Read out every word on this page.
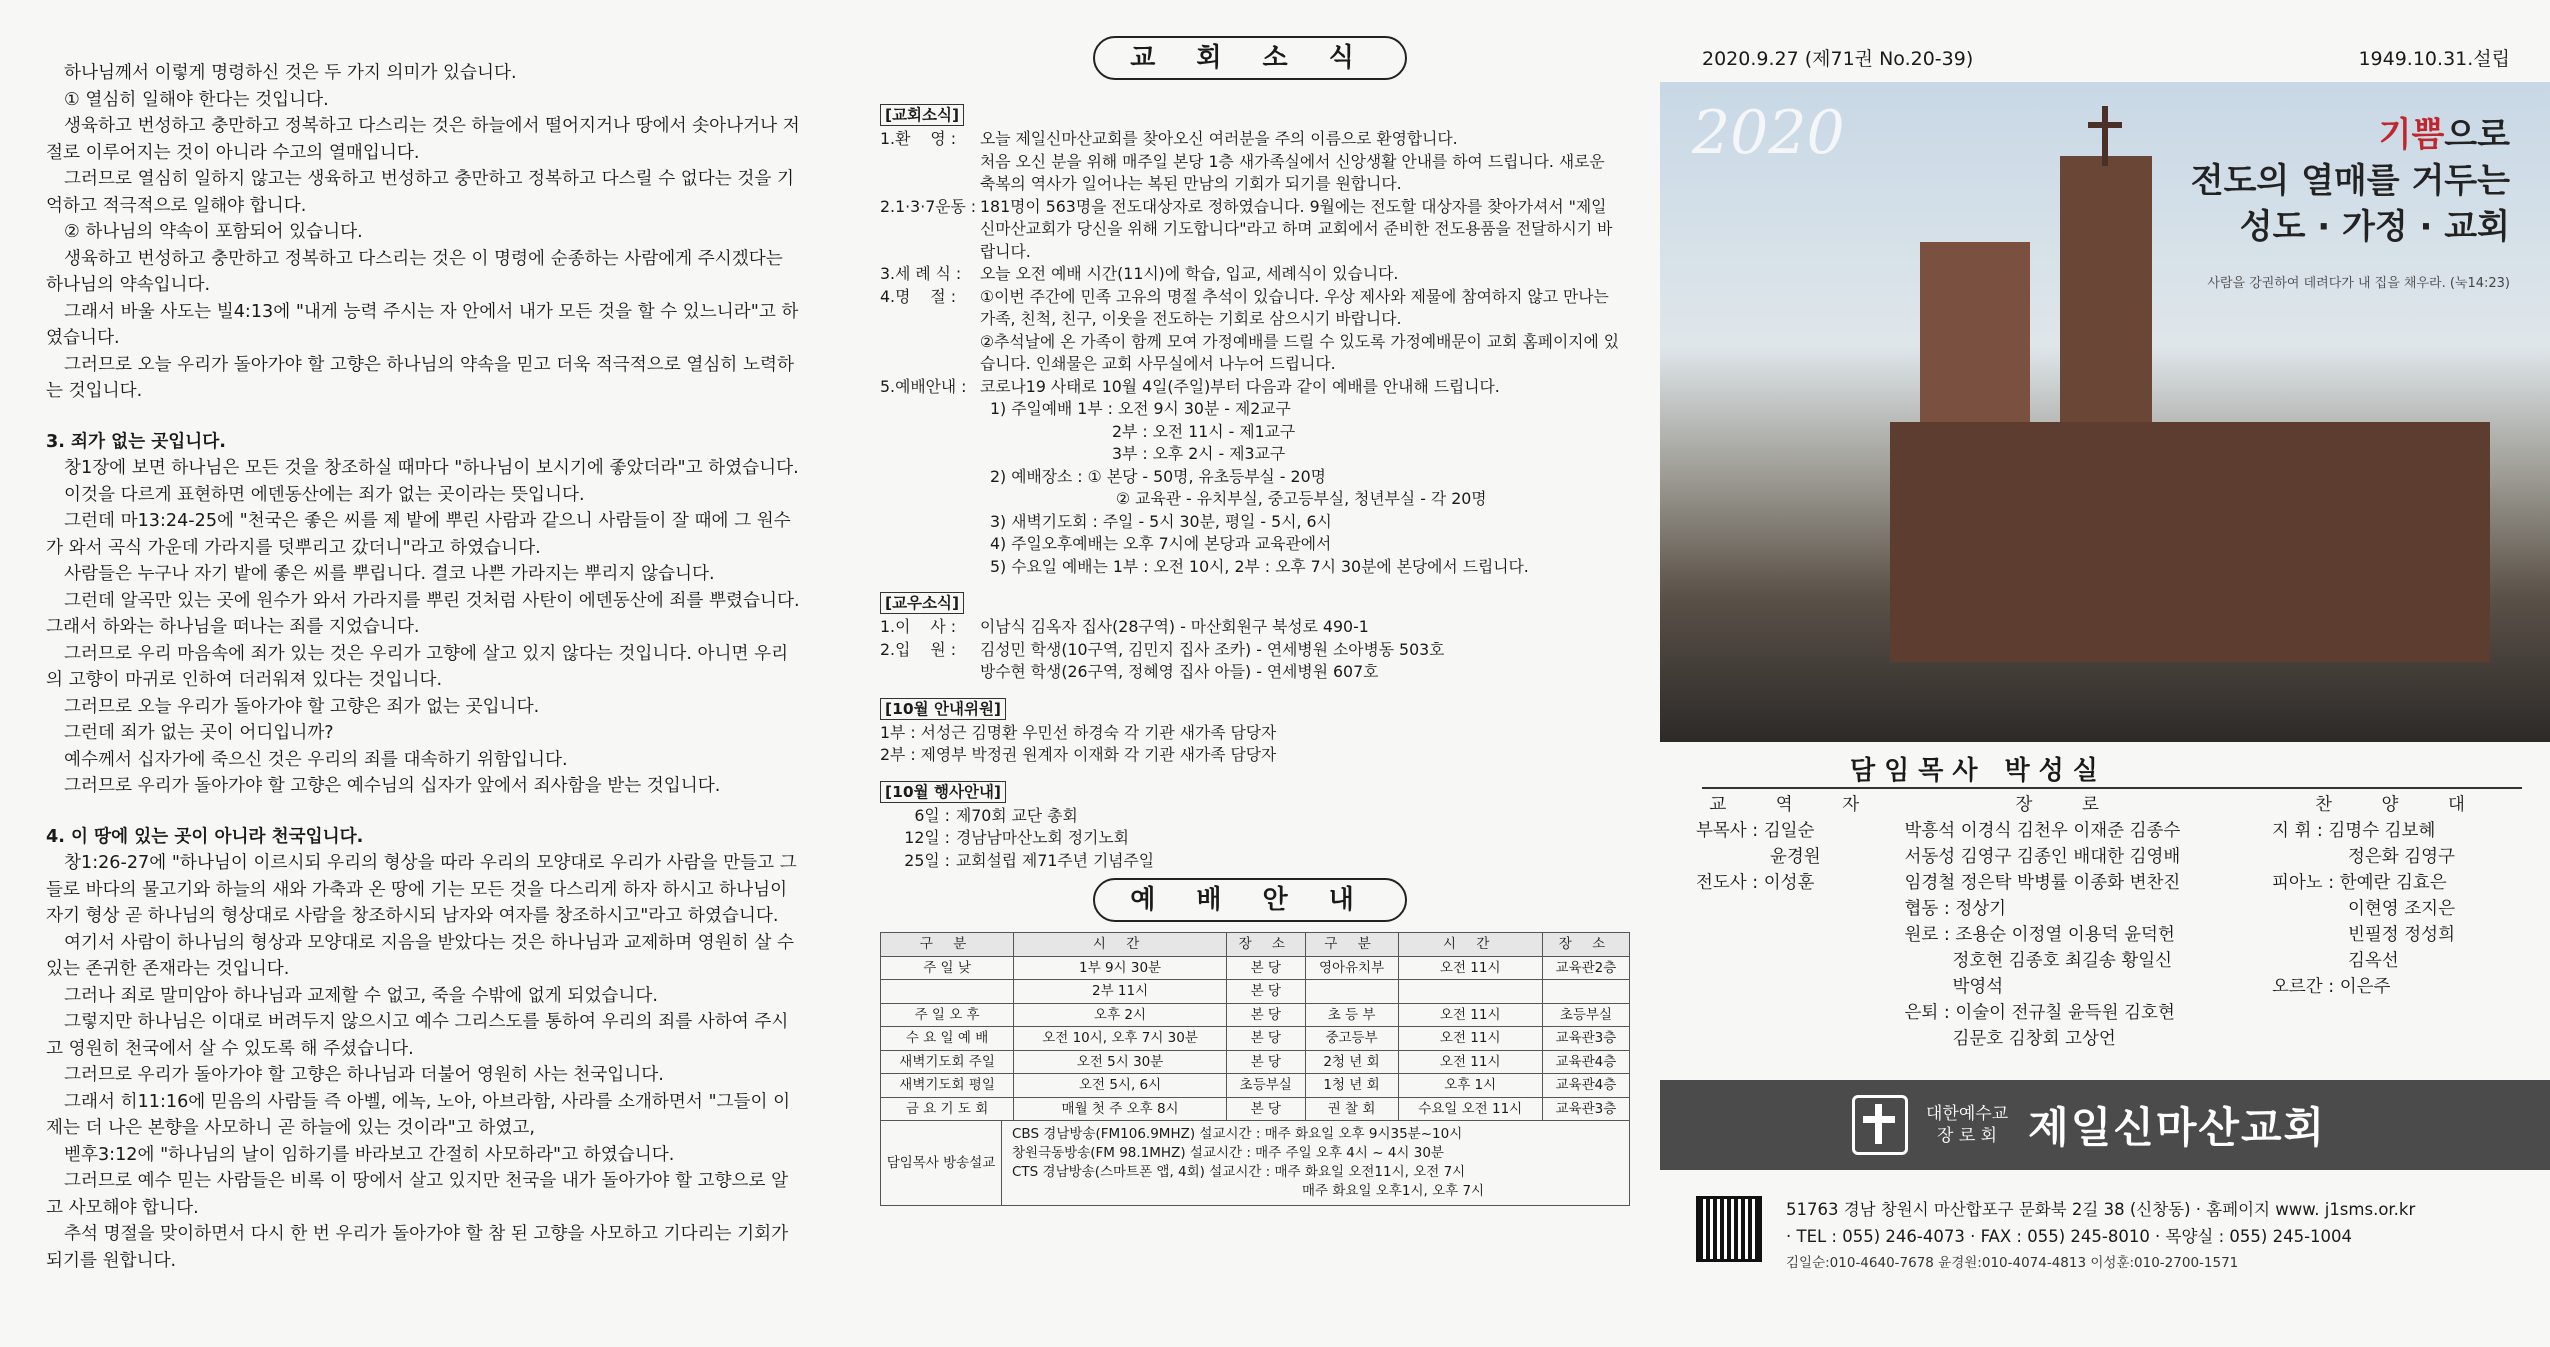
하나님께서 이렇게 명령하신 것은 두 가지 의미가 있습니다.

① 열심히 일해야 한다는 것입니다.

생육하고 번성하고 충만하고 정복하고 다스리는 것은 하늘에서 떨어지거나 땅에서 솟아나거나 저절로 이루어지는 것이 아니라 수고의 열매입니다.

그러므로 열심히 일하지 않고는 생육하고 번성하고 충만하고 정복하고 다스릴 수 없다는 것을 기억하고 적극적으로 일해야 합니다.

② 하나님의 약속이 포함되어 있습니다.

생육하고 번성하고 충만하고 정복하고 다스리는 것은 이 명령에 순종하는 사람에게 주시겠다는 하나님의 약속입니다.

그래서 바울 사도는 빌4:13에 "내게 능력 주시는 자 안에서 내가 모든 것을 할 수 있느니라"고 하였습니다.

그러므로 오늘 우리가 돌아가야 할 고향은 하나님의 약속을 믿고 더욱 적극적으로 열심히 노력하는 것입니다.

3. 죄가 없는 곳입니다.

창1장에 보면 하나님은 모든 것을 창조하실 때마다 "하나님이 보시기에 좋았더라"고 하였습니다.

이것을 다르게 표현하면 에덴동산에는 죄가 없는 곳이라는 뜻입니다.

그런데 마13:24-25에 "천국은 좋은 씨를 제 밭에 뿌린 사람과 같으니 사람들이 잘 때에 그 원수가 와서 곡식 가운데 가라지를 덧뿌리고 갔더니"라고 하였습니다.

사람들은 누구나 자기 밭에 좋은 씨를 뿌립니다. 결코 나쁜 가라지는 뿌리지 않습니다.

그런데 알곡만 있는 곳에 원수가 와서 가라지를 뿌린 것처럼 사탄이 에덴동산에 죄를 뿌렸습니다. 그래서 하와는 하나님을 떠나는 죄를 지었습니다.

그러므로 우리 마음속에 죄가 있는 것은 우리가 고향에 살고 있지 않다는 것입니다. 아니면 우리의 고향이 마귀로 인하여 더러워져 있다는 것입니다.

그러므로 오늘 우리가 돌아가야 할 고향은 죄가 없는 곳입니다.

그런데 죄가 없는 곳이 어디입니까?

예수께서 십자가에 죽으신 것은 우리의 죄를 대속하기 위함입니다.

그러므로 우리가 돌아가야 할 고향은 예수님의 십자가 앞에서 죄사함을 받는 것입니다.

4. 이 땅에 있는 곳이 아니라 천국입니다.

창1:26-27에 "하나님이 이르시되 우리의 형상을 따라 우리의 모양대로 우리가 사람을 만들고 그들로 바다의 물고기와 하늘의 새와 가축과 온 땅에 기는 모든 것을 다스리게 하자 하시고 하나님이 자기 형상 곧 하나님의 형상대로 사람을 창조하시되 남자와 여자를 창조하시고"라고 하였습니다.

여기서 사람이 하나님의 형상과 모양대로 지음을 받았다는 것은 하나님과 교제하며 영원히 살 수 있는 존귀한 존재라는 것입니다.

그러나 죄로 말미암아 하나님과 교제할 수 없고, 죽을 수밖에 없게 되었습니다.

그렇지만 하나님은 이대로 버려두지 않으시고 예수 그리스도를 통하여 우리의 죄를 사하여 주시고 영원히 천국에서 살 수 있도록 해 주셨습니다.

그러므로 우리가 돌아가야 할 고향은 하나님과 더불어 영원히 사는 천국입니다.

그래서 히11:16에 믿음의 사람들 즉 아벨, 에녹, 노아, 아브라함, 사라를 소개하면서 "그들이 이제는 더 나은 본향을 사모하니 곧 하늘에 있는 것이라"고 하였고,

벧후3:12에 "하나님의 날이 임하기를 바라보고 간절히 사모하라"고 하였습니다.

그러므로 예수 믿는 사람들은 비록 이 땅에서 살고 있지만 천국을 내가 돌아가야 할 고향으로 알고 사모해야 합니다.

추석 명절을 맞이하면서 다시 한 번 우리가 돌아가야 할 참 된 고향을 사모하고 기다리는 기회가 되기를 원합니다.

교 회 소 식
[교회소식]
1.환    영 :	오늘 제일신마산교회를 찾아오신 여러분을 주의 이름으로 환영합니다.
처음 오신 분을 위해 매주일 본당 1층 새가족실에서 신앙생활 안내를 하여 드립니다. 새로운 축복의 역사가 일어나는 복된 만남의 기회가 되기를 원합니다.
2.1·3·7운동 : 181명이 563명을 전도대상자로 정하였습니다. 9월에는 전도할 대상자를 찾아가셔서 "제일신마산교회가 당신을 위해 기도합니다"라고 하며 교회에서 준비한 전도용품을 전달하시기 바랍니다.
3.세 례 식 :	오늘 오전 예배 시간(11시)에 학습, 입교, 세례식이 있습니다.
4.명    절 :	①이번 주간에 민족 고유의 명절 추석이 있습니다. 우상 제사와 제물에 참여하지 않고 만나는 가족, 친척, 친구, 이웃을 전도하는 기회로 삼으시기 바랍니다.
②추석날에 온 가족이 함께 모여 가정예배를 드릴 수 있도록 가정예배문이 교회 홈페이지에 있습니다. 인쇄물은 교회 사무실에서 나누어 드립니다.
5.예배안내 : 코로나19 사태로 10월 4일(주일)부터 다음과 같이 예배를 안내해 드립니다.
1) 주일예배 1부 : 오전 9시 30분 - 제2교구
2부 : 오전 11시 - 제1교구
3부 : 오후 2시 - 제3교구
2) 예배장소 : ① 본당 - 50명, 유초등부실 - 20명
② 교육관 - 유치부실, 중고등부실, 청년부실 - 각 20명
3) 새벽기도회 : 주일 - 5시 30분, 평일 - 5시, 6시
4) 주일오후예배는 오후 7시에 본당과 교육관에서
5) 수요일 예배는 1부 : 오전 10시, 2부 : 오후 7시 30분에 본당에서 드립니다.
[교우소식]
1.이    사 :	이남식 김옥자 집사(28구역) - 마산회원구 북성로 490-1
2.입    원 :	김성민 학생(10구역, 김민지 집사 조카) - 연세병원 소아병동 503호
방수현 학생(26구역, 정혜영 집사 아들) - 연세병원 607호
[10월 안내위원]
1부 : 서성근 김명환 우민선 하경숙 각 기관 새가족 담당자
2부 : 제영부 박정권 원계자 이재화 각 기관 새가족 담당자
[10월 행사안내]
6일 : 제70회 교단 총회
12일 : 경남남마산노회 정기노회
25일 : 교회설립 제71주년 기념주일
예 배 안 내
구 분	시 간	장 소	구 분	시 간	장 소
주 일 낮	1부 9시 30분	본 당	영아유치부	오전 11시	교육관2층
	2부 11시	본 당			
주 일 오 후	오후 2시	본 당	초 등 부	오전 11시	초등부실
수 요 일 예 배	오전 10시, 오후 7시 30분	본 당	중고등부	오전 11시	교육관3층
새벽기도회 주일	오전 5시 30분	본 당	2청 년 회	오전 11시	교육관4층
새벽기도회 평일	오전 5시, 6시	초등부실	1청 년 회	오후 1시	교육관4층
금 요 기 도 회	매월 첫 주 오후 8시	본 당	권 찰 회	수요일 오전 11시	교육관3층
담임목사 방송설교
CBS 경남방송(FM106.9MHZ) 설교시간 : 매주 화요일 오후 9시35분~10시
창원극동방송(FM 98.1MHZ) 설교시간 : 매주 주일 오후 4시 ~ 4시 30분
CTS 경남방송(스마트폰 앱, 4회) 설교시간 : 매주 화요일 오전11시, 오전 7시
매주 화요일 오후1시, 오후 7시
2020.9.27 (제71권 No.20-39)	1949.10.31.설립
2020	기쁨으로
전도의 열매를 거두는
성도 · 가정 · 교회
사람을 강권하여 데려다가 내 집을 채우라. (눅14:23)
담임목사 박성실
교 역 자
부목사 : 김일순
윤경원
전도사 : 이성훈
장 로
박흥석 이경식 김천우 이재준 김종수
서동성 김영구 김종인 배대한 김영배
임경철 정은탁 박병률 이종화 변찬진
협동 : 정상기
원로 : 조용순 이정열 이용덕 윤덕헌
정호현 김종호 최길송 황일신
박영석
은퇴 : 이술이 전규칠 윤득원 김호현
김문호 김창회 고상언
찬 양 대
지 휘 : 김명수 김보혜
정은화 김영구
피아노 : 한예란 김효은
이현영 조지은
빈필정 정성희
김옥선
오르간 : 이은주
대한예수교
장 로 회 제일신마산교회
51763 경남 창원시 마산합포구 문화북 2길 38 (신창동) · 홈페이지 www. j1sms.or.kr
· TEL : 055) 246-4073 · FAX : 055) 245-8010 · 목양실 : 055) 245-1004
김일순:010-4640-7678 윤경원:010-4074-4813 이성훈:010-2700-1571
